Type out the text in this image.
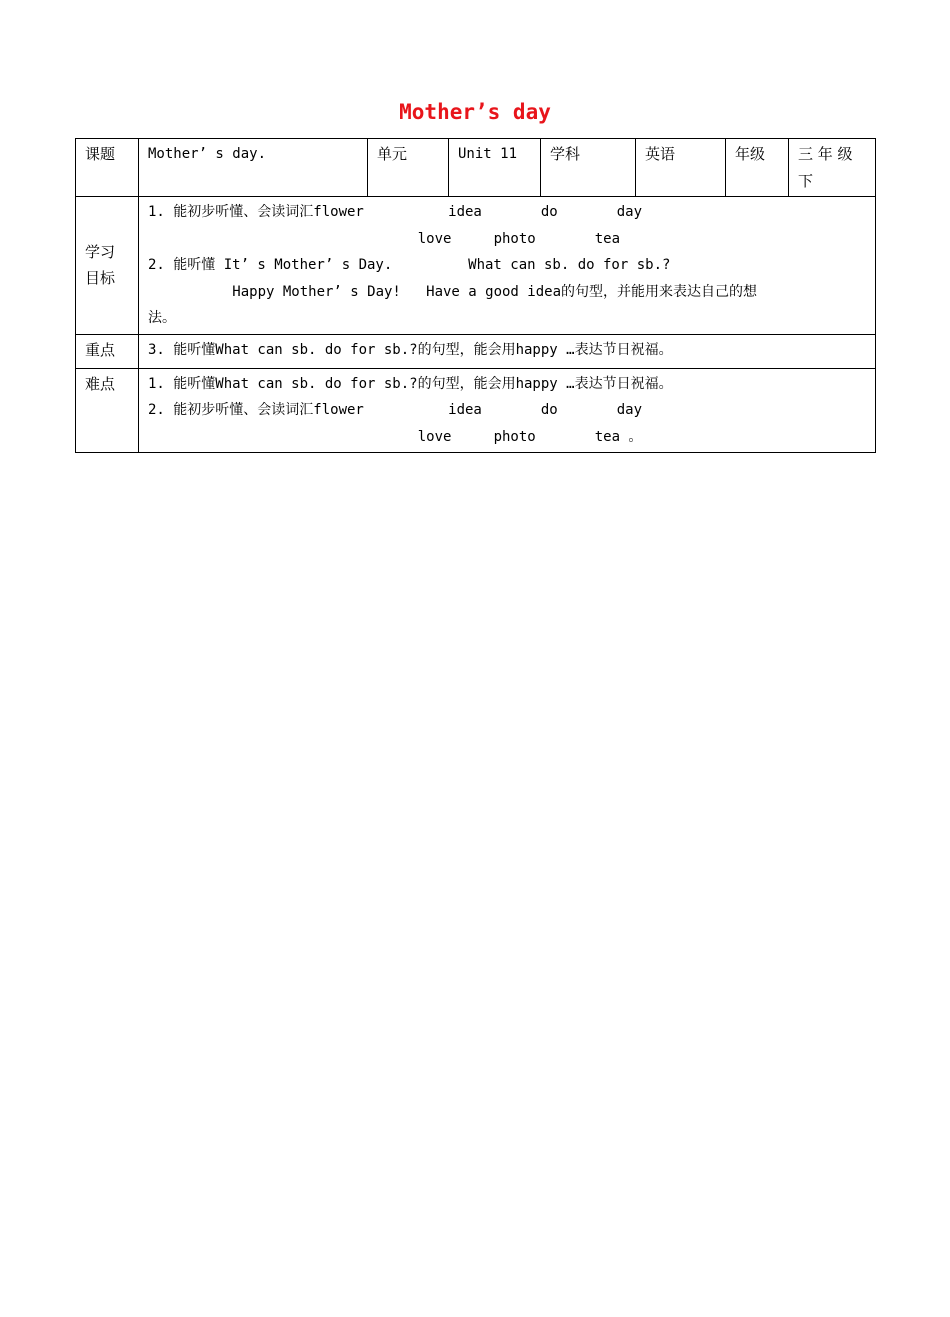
Mother’s day
课题	Mother’ s day.	单元	Unit 11	学科	英语	年级	三 年 级
下

学习
目标	1. 能初步听懂、会读词汇flower          idea       do       day
love     photo       tea
2. 能听懂 It’ s Mother’ s Day.         What can sb. do for sb.?
Happy Mother’ s Day!   Have a good idea的句型，并能用来表达自己的想
法。						

重点	3. 能听懂What can sb. do for sb.?的句型，能会用happy …表达节日祝福。						

难点	1. 能听懂What can sb. do for sb.?的句型，能会用happy …表达节日祝福。
2. 能初步听懂、会读词汇flower          idea       do       day
love     photo       tea 。						
